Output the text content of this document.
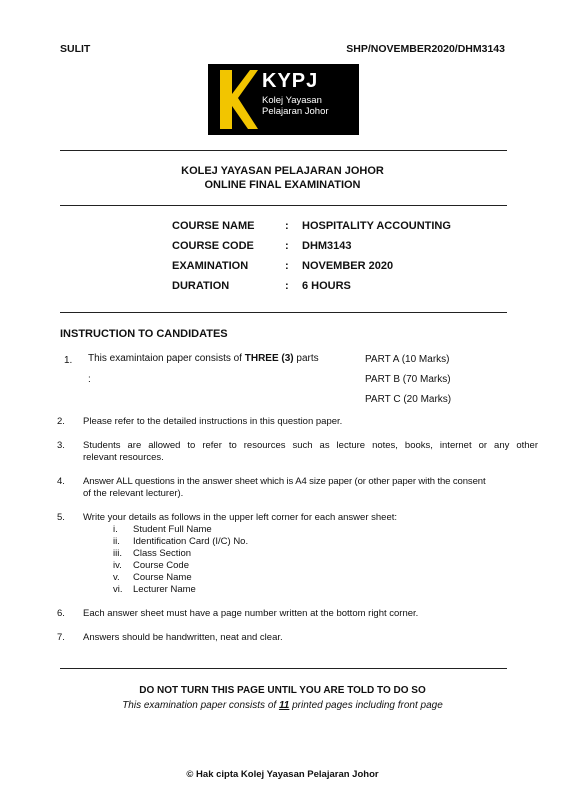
SULIT	SHP/NOVEMBER2020/DHM3143
KYPJ
Kolej Yayasan
Pelajaran Johor
KOLEJ YAYASAN PELAJARAN JOHOR
ONLINE FINAL EXAMINATION
COURSE NAME	: HOSPITALITY ACCOUNTING
COURSE CODE	: DHM3143
EXAMINATION	: NOVEMBER 2020
DURATION	: 6 HOURS
INSTRUCTION TO CANDIDATES
1. This examintaion paper consists of THREE (3) parts
:
PART A (10 Marks)
PART B (70 Marks)
PART C (20 Marks)
2. Please refer to the detailed instructions in this question paper.
3. Students are allowed to refer to resources such as lecture notes, books, internet or any other
relevant resources.
4. Answer ALL questions in the answer sheet which is A4 size paper (or other paper with the consent
of the relevant lecturer).
5. Write your details as follows in the upper left corner for each answer sheet:
i. Student Full Name
ii. Identification Card (I/C) No.
iii. Class Section
iv. Course Code
v. Course Name
vi. Lecturer Name
6. Each answer sheet must have a page number written at the bottom right corner.
7. Answers should be handwritten, neat and clear.
DO NOT TURN THIS PAGE UNTIL YOU ARE TOLD TO DO SO
This examination paper consists of 11 printed pages including front page
© Hak cipta Kolej Yayasan Pelajaran Johor
